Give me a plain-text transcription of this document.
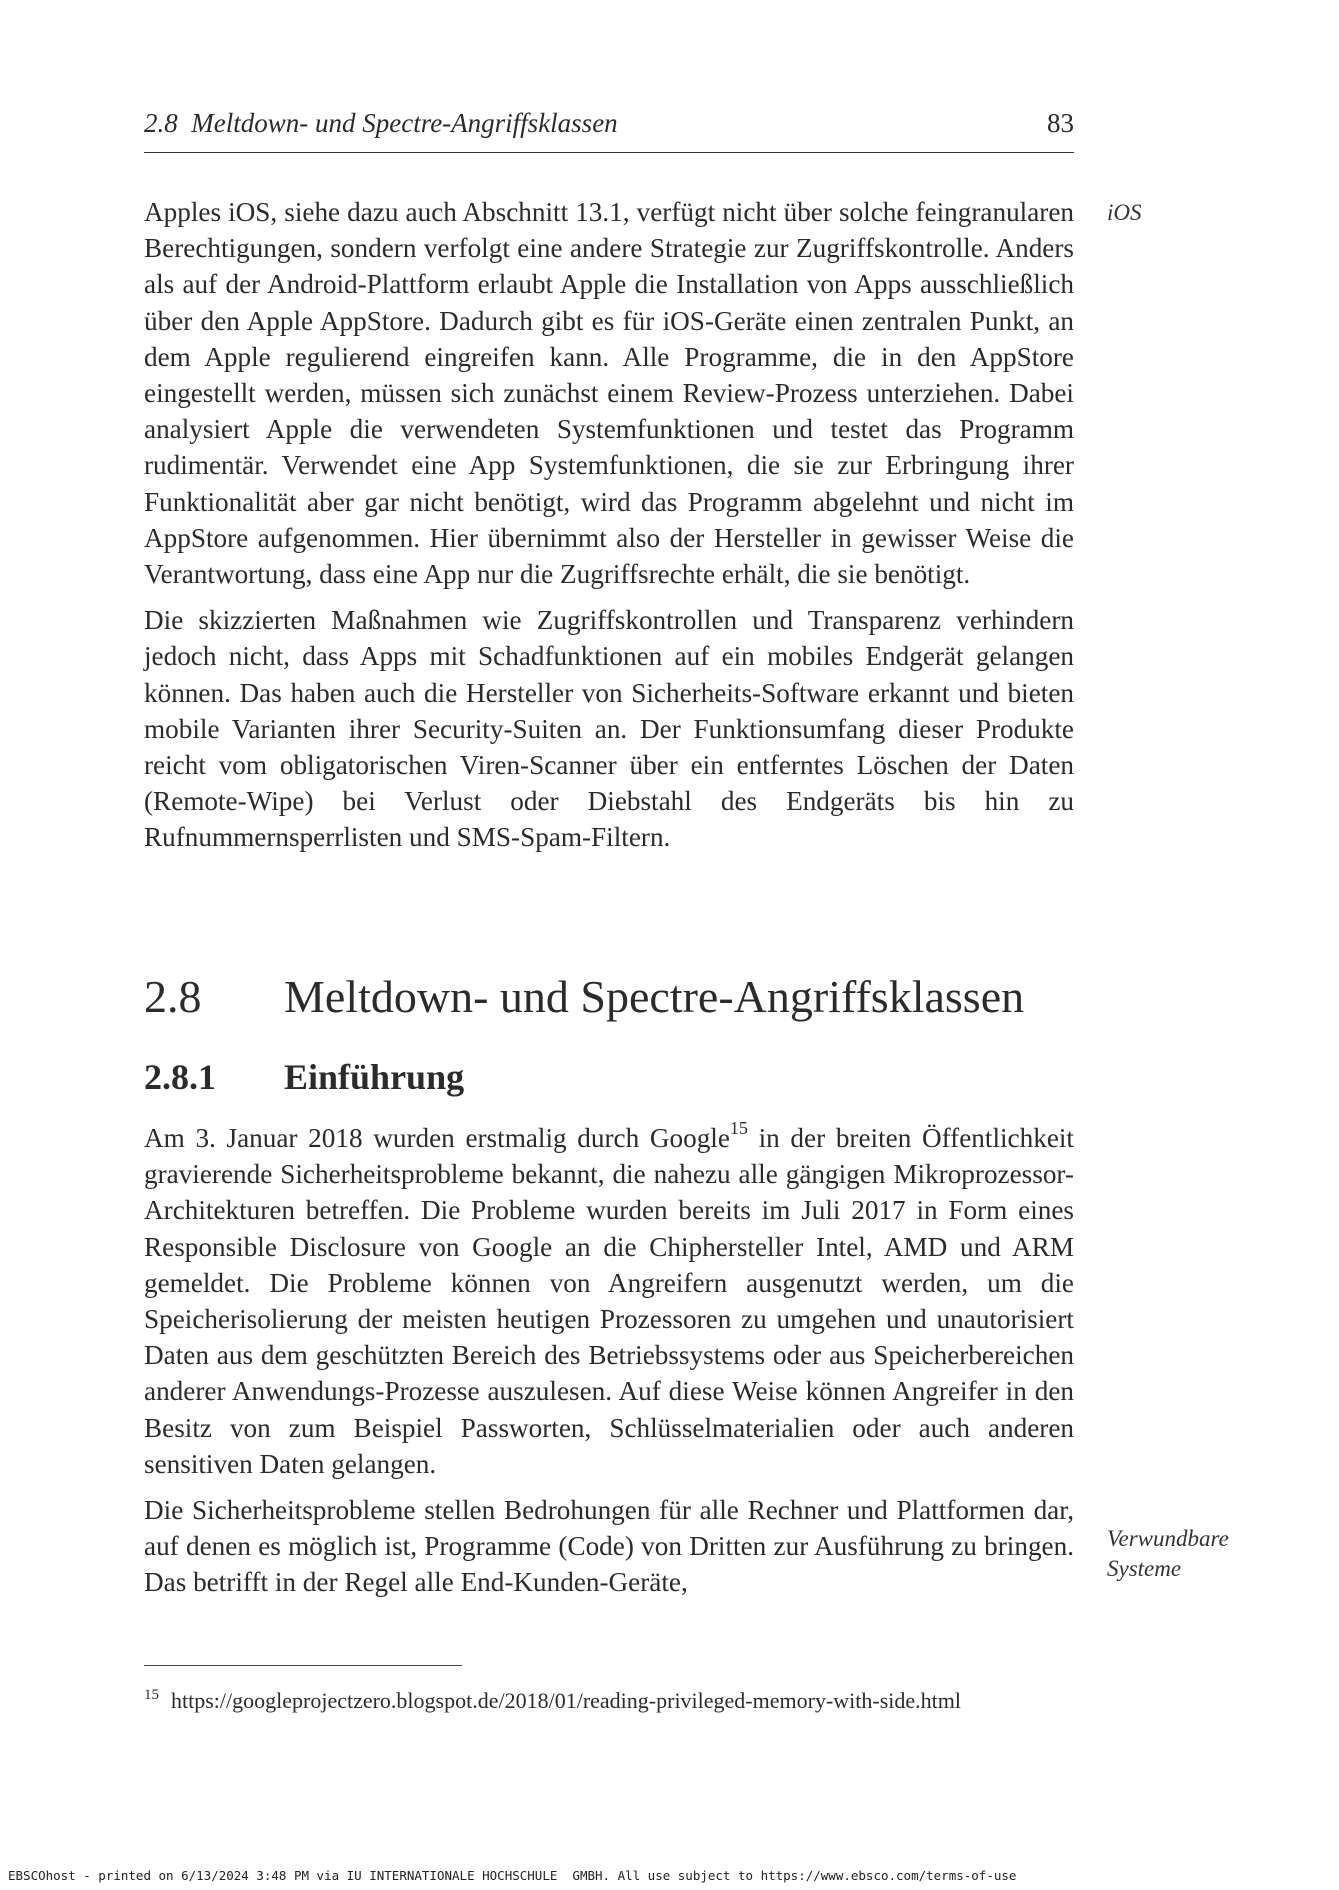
2.8  Meltdown- und Spectre-Angriffsklassen	83
iOS

Apples iOS, siehe dazu auch Abschnitt 13.1, verfügt nicht über solche feingranularen Berechtigungen, sondern verfolgt eine andere Strategie zur Zugriffskontrolle. Anders als auf der Android-Plattform erlaubt Apple die Installation von Apps ausschließlich über den Apple AppStore. Dadurch gibt es für iOS-Geräte einen zentralen Punkt, an dem Apple regulierend eingreifen kann. Alle Programme, die in den AppStore eingestellt werden, müssen sich zunächst einem Review-Prozess unterziehen. Dabei analysiert Apple die verwendeten Systemfunktionen und testet das Programm rudimentär. Verwendet eine App Systemfunktionen, die sie zur Erbringung ihrer Funktionalität aber gar nicht benötigt, wird das Programm abgelehnt und nicht im AppStore aufgenommen. Hier übernimmt also der Hersteller in gewisser Weise die Verantwortung, dass eine App nur die Zugriffsrechte erhält, die sie benötigt.

Die skizzierten Maßnahmen wie Zugriffskontrollen und Transparenz verhindern jedoch nicht, dass Apps mit Schadfunktionen auf ein mobiles Endgerät gelangen können. Das haben auch die Hersteller von Sicherheits-Software erkannt und bieten mobile Varianten ihrer Security-Suiten an. Der Funktionsumfang dieser Produkte reicht vom obligatorischen Viren-Scanner über ein entferntes Löschen der Daten (Remote-Wipe) bei Verlust oder Diebstahl des Endgeräts bis hin zu Rufnummernsperrlisten und SMS-Spam-Filtern.

2.8 Meltdown- und Spectre-Angriffsklassen
2.8.1 Einführung

Am 3. Januar 2018 wurden erstmalig durch Google$^{15}$ in der breiten Öffentlichkeit gravierende Sicherheitsprobleme bekannt, die nahezu alle gängigen Mikroprozessor-Architekturen betreffen. Die Probleme wurden bereits im Juli 2017 in Form eines Responsible Disclosure von Google an die Chiphersteller Intel, AMD und ARM gemeldet. Die Probleme können von Angreifern ausgenutzt werden, um die Speicherisolierung der meisten heutigen Prozessoren zu umgehen und unautorisiert Daten aus dem geschützten Bereich des Betriebssystems oder aus Speicherbereichen anderer Anwendungs-Prozesse auszulesen. Auf diese Weise können Angreifer in den Besitz von zum Beispiel Passworten, Schlüsselmaterialien oder auch anderen sensitiven Daten gelangen.

Die Sicherheitsprobleme stellen Bedrohungen für alle Rechner und Plattformen dar, auf denen es möglich ist, Programme (Code) von Dritten zur Ausführung zu bringen. Das betrifft in der Regel alle End-Kunden-Geräte,

Verwundbare
Systeme
$^{15}$ https://googleprojectzero.blogspot.de/2018/01/reading-privileged-memory-with-side.html
EBSCOhost - printed on 6/13/2024 3:48 PM via IU INTERNATIONALE HOCHSCHULE  GMBH. All use subject to https://www.ebsco.com/terms-of-use
